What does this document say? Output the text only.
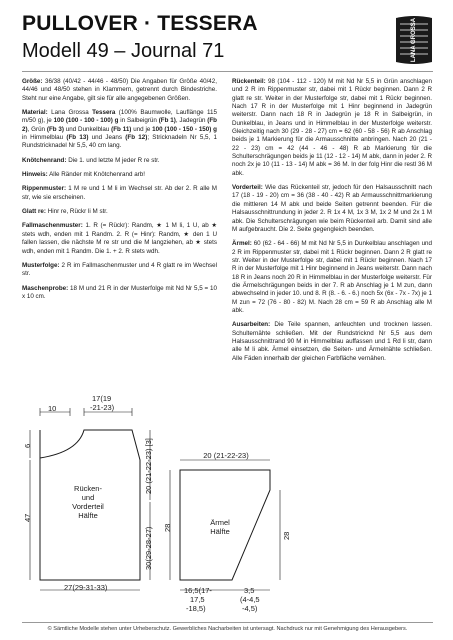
PULLOVER · TESSERA
Modell 49 – Journal 71	LANA GROSSA

Größe: 36/38 (40/42 - 44/46 - 48/50) Die Angaben für Größe 40/42, 44/46 und 48/50 stehen in Klammern, getrennt durch Bindestriche. Steht nur eine Angabe, gilt sie für alle angegebenen Größen.

Material: Lana Grossa Tessera (100% Baumwolle, Lauflänge 115 m/50 g), je 100 (100 - 100 - 100) g in Salbeigrün (Fb 1), Jadegrün (Fb 2), Grün (Fb 3) und Dunkelblau (Fb 11) und je 100 (100 - 150 - 150) g in Himmelblau (Fb 13) und Jeans (Fb 12); Stricknadeln Nr 5,5, 1 Rundstricknadel Nr 5,5, 40 cm lang.

Knötchenrand: Die 1. und letzte M jeder R re str.

Hinweis: Alle Ränder mit Knötchenrand arb!

Rippenmuster: 1 M re und 1 M li im Wechsel str. Ab der 2. R alle M str, wie sie erscheinen.

Glatt re: Hinr re, Rückr li M str.

Fallmaschenmuster: 1. R (= Rückr): Randm, ★ 1 M li, 1 U, ab ★ stets wdh, enden mit 1 Randm. 2. R (= Hinr): Randm, ★ den 1 U fallen lassen, die nächste M re str und die M langziehen, ab ★ stets wdh, enden mit 1 Randm. Die 1. + 2. R stets wdh.

Musterfolge: 2 R im Fallmaschenmuster und 4 R glatt re im Wechsel str.

Maschenprobe: 18 M und 21 R in der Musterfolge mit Nd Nr 5,5 = 10 x 10 cm.

Rückenteil: 98 (104 - 112 - 120) M mit Nd Nr 5,5 in Grün anschlagen und 2 R im Rippenmuster str, dabei mit 1 Rückr beginnen. Dann 2 R glatt re str. Weiter in der Musterfolge str, dabei mit 1 Rückr beginnen. Nach 17 R in der Musterfolge mit 1 Hinr beginnend in Jadegrün weiterstr. Dann nach 18 R in Jadegrün je 18 R in Salbeigrün, in Dunkelblau, in Jeans und in Himmelblau in der Musterfolge weiterstr. Gleichzeitig nach 30 (29 - 28 - 27) cm = 62 (60 - 58 - 56) R ab Anschlag beids je 1 Markierung für die Armausschnitte anbringen. Nach 20 (21 - 22 - 23) cm = 42 (44 - 46 - 48) R ab Markierung für die Schulterschrägungen beids je 11 (12 - 12 - 14) M abk, dann in jeder 2. R noch 2x je 10 (11 - 13 - 14) M abk = 36 M. In der folg Hinr die restl 36 M abk.

Vorderteil: Wie das Rückenteil str, jedoch für den Halsausschnitt nach 17 (18 - 19 - 20) cm = 36 (38 - 40 - 42) R ab Armausschnittmarkierung die mittleren 14 M abk und beide Seiten getrennt beenden. Für die Halsausschnittrundung in jeder 2. R 1x 4 M, 1x 3 M, 1x 2 M und 2x 1 M abk. Die Schulterschrägungen wie beim Rückenteil arb. Damit sind alle M aufgebraucht. Die 2. Seite gegengleich beenden.

Ärmel: 60 (62 - 64 - 66) M mit Nd Nr 5,5 in Dunkelblau anschlagen und 2 R im Rippenmuster str, dabei mit 1 Rückr beginnen. Dann 2 R glatt re str. Weiter in der Musterfolge str, dabei mit 1 Rückr beginnen. Nach 17 R in der Musterfolge mit 1 Hinr beginnend in Jeans weiterstr. Dann nach 18 R in Jeans noch 20 R in Himmelblau in der Musterfolge weiterstr. Für die Ärmelschrägungen beids in der 7. R ab Anschlag je 1 M zun, dann abwechselnd in jeder 10. und 8. R (8. - 6. - 6.) noch 5x (6x - 7x - 7x) je 1 M zun = 72 (76 - 80 - 82) M. Nach 28 cm = 59 R ab Anschlag alle M abk.

Ausarbeiten: Die Teile spannen, anfeuchten und trocknen lassen. Schulternähte schließen. Mit der Rundstricknd Nr 5,5 aus dem Halsausschnittrand 90 M in Himmelblau auffassen und 1 Rd li str, dann alle M li abk. Ärmel einsetzen, die Seiten- und Ärmelnähte schließen. Alle Fäden innerhalb der gleichen Farbfläche vernähen.

10
17(19
-21-23)
6
47
20 (21-22-23) [3]
30(29-28-27)
Rücken-
und
Vorderteil
Hälfte
27(29-31-33)
20 (21-22-23)
Ärmel
Hälfte
28
28
16,5(17-
17,5
-18,5)
3,5
(4-4,5
-4,5)
© Sämtliche Modelle stehen unter Urheberschutz. Gewerbliches Nacharbeiten ist untersagt. Nachdruck nur mit Genehmigung des Herausgebers.
